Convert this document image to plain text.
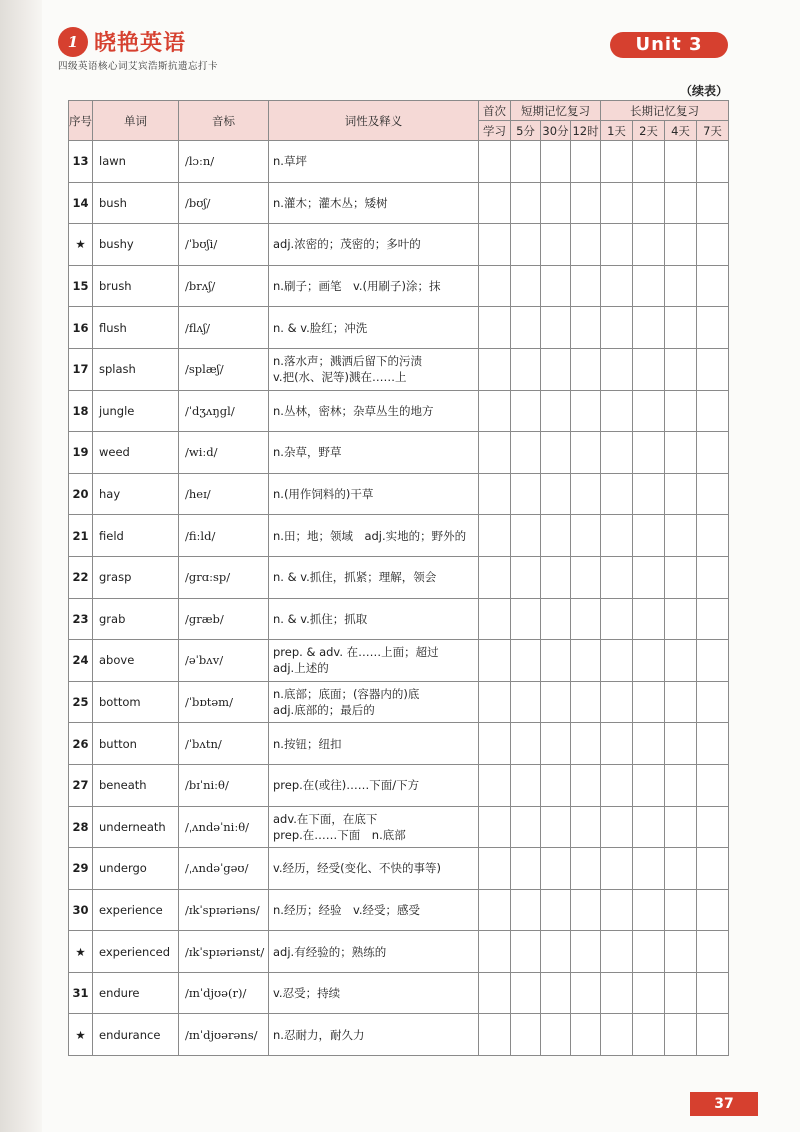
1 晓艳英语
四级英语核心词艾宾浩斯抗遗忘打卡
Unit 3
（续表）
序号	单词	音标	词性及释义	首次	短期记忆复习			长期记忆复习			
				学习	5分	30分	12时	1天	2天	4天	7天
13	lawn	/lɔːn/	n.草坪								

14	bush	/bʊʃ/	n.灌木；灌木丛；矮树								

★	bushy	/ˈbʊʃi/	adj.浓密的；茂密的；多叶的								

15	brush	/brʌʃ/	n.刷子；画笔　v.(用刷子)涂；抹								

16	flush	/flʌʃ/	n. & v.脸红；冲洗								

17	splash	/splæʃ/	n.落水声；溅洒后留下的污渍
v.把(水、泥等)溅在……上								

18	jungle	/ˈdʒʌŋgl/	n.丛林，密林；杂草丛生的地方								

19	weed	/wiːd/	n.杂草，野草								

20	hay	/heɪ/	n.(用作饲料的)干草								

21	field	/fiːld/	n.田；地；领域　adj.实地的；野外的								

22	grasp	/grɑːsp/	n. & v.抓住，抓紧；理解，领会								

23	grab	/græb/	n. & v.抓住；抓取								

24	above	/əˈbʌv/	prep. & adv. 在……上面；超过
adj.上述的								

25	bottom	/ˈbɒtəm/	n.底部；底面；(容器内的)底
adj.底部的；最后的								

26	button	/ˈbʌtn/	n.按钮；纽扣								

27	beneath	/bɪˈniːθ/	prep.在(或往)……下面/下方								

28	underneath	/ˌʌndəˈniːθ/	adv.在下面，在底下
prep.在……下面　n.底部								

29	undergo	/ˌʌndəˈgəʊ/	v.经历，经受(变化、不快的事等)								

30	experience	/ɪkˈspɪəriəns/	n.经历；经验　v.经受；感受								

★	experienced	/ɪkˈspɪəriənst/	adj.有经验的；熟练的								

31	endure	/ɪnˈdjʊə(r)/	v.忍受；持续								

★	endurance	/ɪnˈdjʊərəns/	n.忍耐力，耐久力								

37
